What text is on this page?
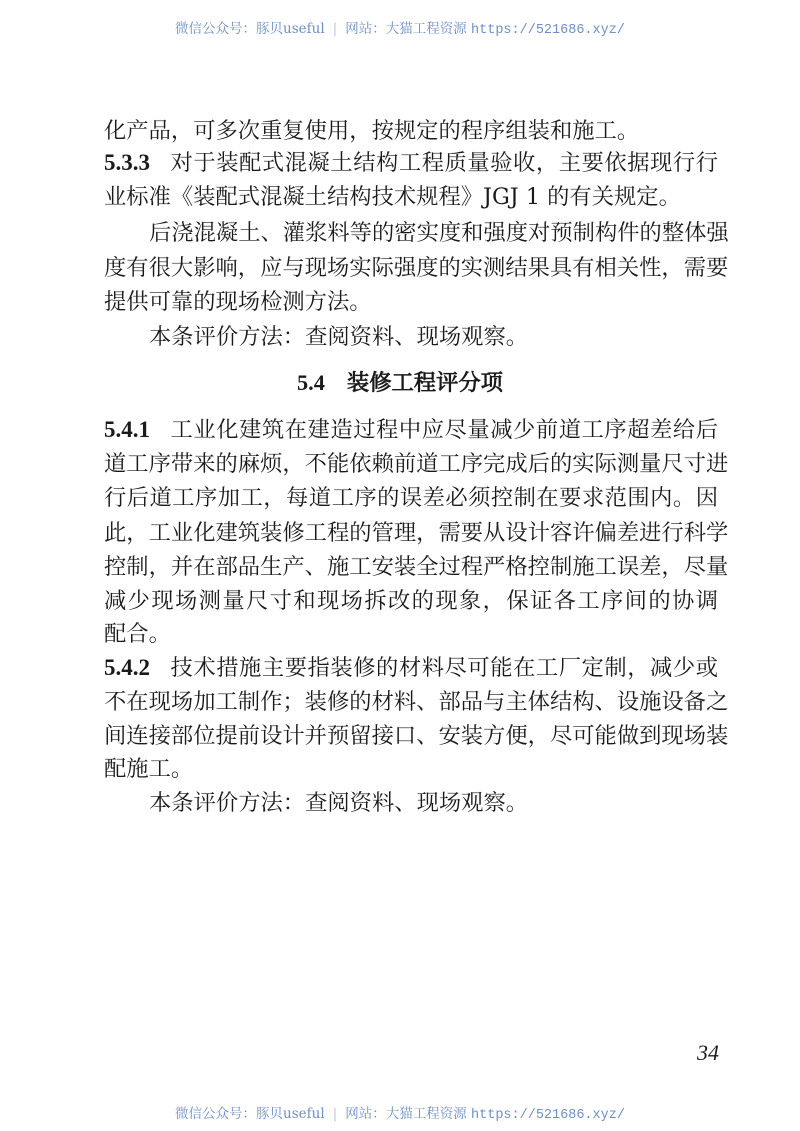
微信公众号：豚贝useful | 网站：大猫工程资源 https://521686.xyz/
化产品，可多次重复使用，按规定的程序组装和施工。
5.3.3 对于装配式混凝土结构工程质量验收，主要依据现行行
业标准《装配式混凝土结构技术规程》JGJ 1 的有关规定。
后浇混凝土、灌浆料等的密实度和强度对预制构件的整体强
度有很大影响，应与现场实际强度的实测结果具有相关性，需要
提供可靠的现场检测方法。
本条评价方法：查阅资料、现场观察。
5.4 装修工程评分项
5.4.1 工业化建筑在建造过程中应尽量减少前道工序超差给后
道工序带来的麻烦，不能依赖前道工序完成后的实际测量尺寸进
行后道工序加工，每道工序的误差必须控制在要求范围内。因
此，工业化建筑装修工程的管理，需要从设计容许偏差进行科学
控制，并在部品生产、施工安装全过程严格控制施工误差，尽量
减少现场测量尺寸和现场拆改的现象，保证各工序间的协调
配合。
5.4.2 技术措施主要指装修的材料尽可能在工厂定制，减少或
不在现场加工制作；装修的材料、部品与主体结构、设施设备之
间连接部位提前设计并预留接口、安装方便，尽可能做到现场装
配施工。
本条评价方法：查阅资料、现场观察。
34
微信公众号：豚贝useful | 网站：大猫工程资源 https://521686.xyz/
